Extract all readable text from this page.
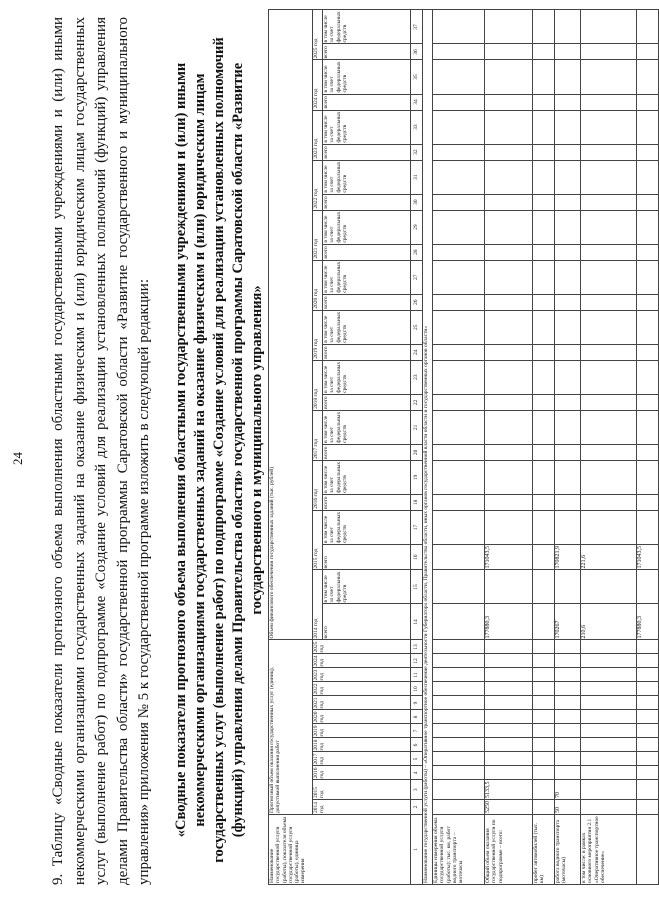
24 9. Таблицу «Сводные показатели прогнозного объема выполнения областными государственными учреждениями и (или) иными некоммерческими организациями государственных заданий на оказание физическим и (или) юридическим лицам государственных услуг (выполнение работ) по подпрограмме «Создание условий для реализации установленных полномочий (функций) управления делами Правительства области» государственной программы Саратовской области «Развитие государственного и муниципального управления» приложения № 5 к государственной программе изложить в следующей редакции: «Сводные показатели прогнозного объема выполнения областными государственными учреждениями и (или) иными некоммерческими организациями государственных заданий на оказание физическим и (или) юридическим лицам государственных услуг (выполнение работ) по подпрограмме «Создание условий для реализации установленных полномочий (функций) управления делами Правительства области» государственной программы Саратовской области «Развитие государственного и муниципального управления»
Наименование государственной услуги (работы), показателя объема государственной услуги (работы), единица измерения	Прогнозный объем оказания государственных услуг (единиц), допустимой выполнения работ												Объем финансового обеспечения государственных заданий (тыс. рублей)																							
	2014 год	2015 год	2016 год	2017 год	2018 год	2019 год	2020 год	2021 год	2022 год	2023 год	2024 год	2025 год	2014 год		2015 год		2016 год		2017 год		2018 год		2019 год		2020 год		2021 год		2022 год		2023 год		2024 год		2025 год	
													всего	в том числе за счет федеральных средств	всего	в том числе за счет федеральных средств	всего	в том числе за счет федеральных средств	всего	в том числе за счет федеральных средств	всего	в том числе за счет федеральных средств	всего	в том числе за счет федеральных средств	всего	в том числе за счет федеральных средств	всего	в том числе за счет федеральных средств	всего	в том числе за счет федеральных средств	всего	в том числе за счет федеральных средств	всего	в том числе за счет федеральных средств	всего	в том числе за счет федеральных средств
1	2	3	4	5	6	7	8	9	10	11	12	13	14	15	16	17	18	19	20	21	22	23	24	25	26	27	28	29	30	31	32	33	34	35	36	37
Наименование государственной услуги (работы) – «Оперативное транспортное обеспечение деятельности Губернатора области, Правительства области, иных органов государственной власти области и государственных органов области»																																				
Единицы измерения объема государственной услуги (работы): тыс. км, работ водного транспорта – моточасы																																				
Общий объем оказания государственной услуги по подпрограмме – всего:	5250	5133,5											177880,3		171043,5																					
пробег автомобилей (тыс. км)																																				
работа водного транспорта (моточасы)	50	70											170267		170821,9																					
в том числе: в рамках основного мероприятия 2.1 «Оперативное транспортное обеспечение»													210,6		221,6																					
													177880,3		171043,5																					
